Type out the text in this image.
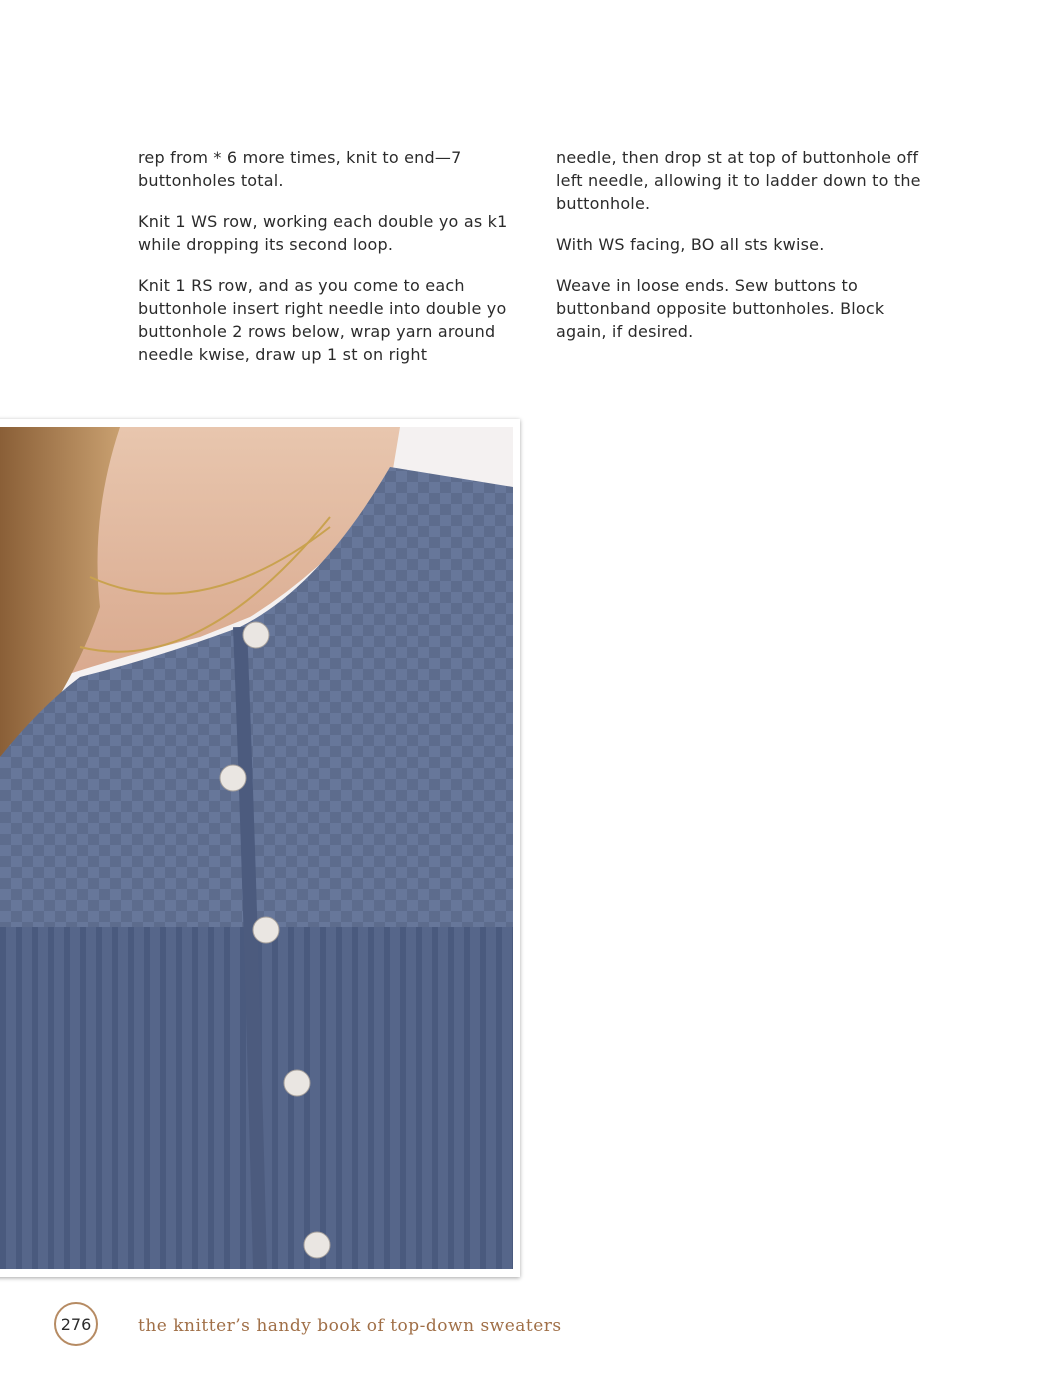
rep from * 6 more times, knit to end—7 buttonholes total.

Knit 1 WS row, working each double yo as k1 while dropping its second loop.

Knit 1 RS row, and as you come to each buttonhole insert right needle into double yo buttonhole 2 rows below, wrap yarn around needle kwise, draw up 1 st on right

needle, then drop st at top of buttonhole off left needle, allowing it to ladder down to the buttonhole.

With WS facing, BO all sts kwise.

Weave in loose ends. Sew buttons to buttonband opposite buttonholes. Block again, if desired.

276	the knitter’s handy book of top-down sweaters
